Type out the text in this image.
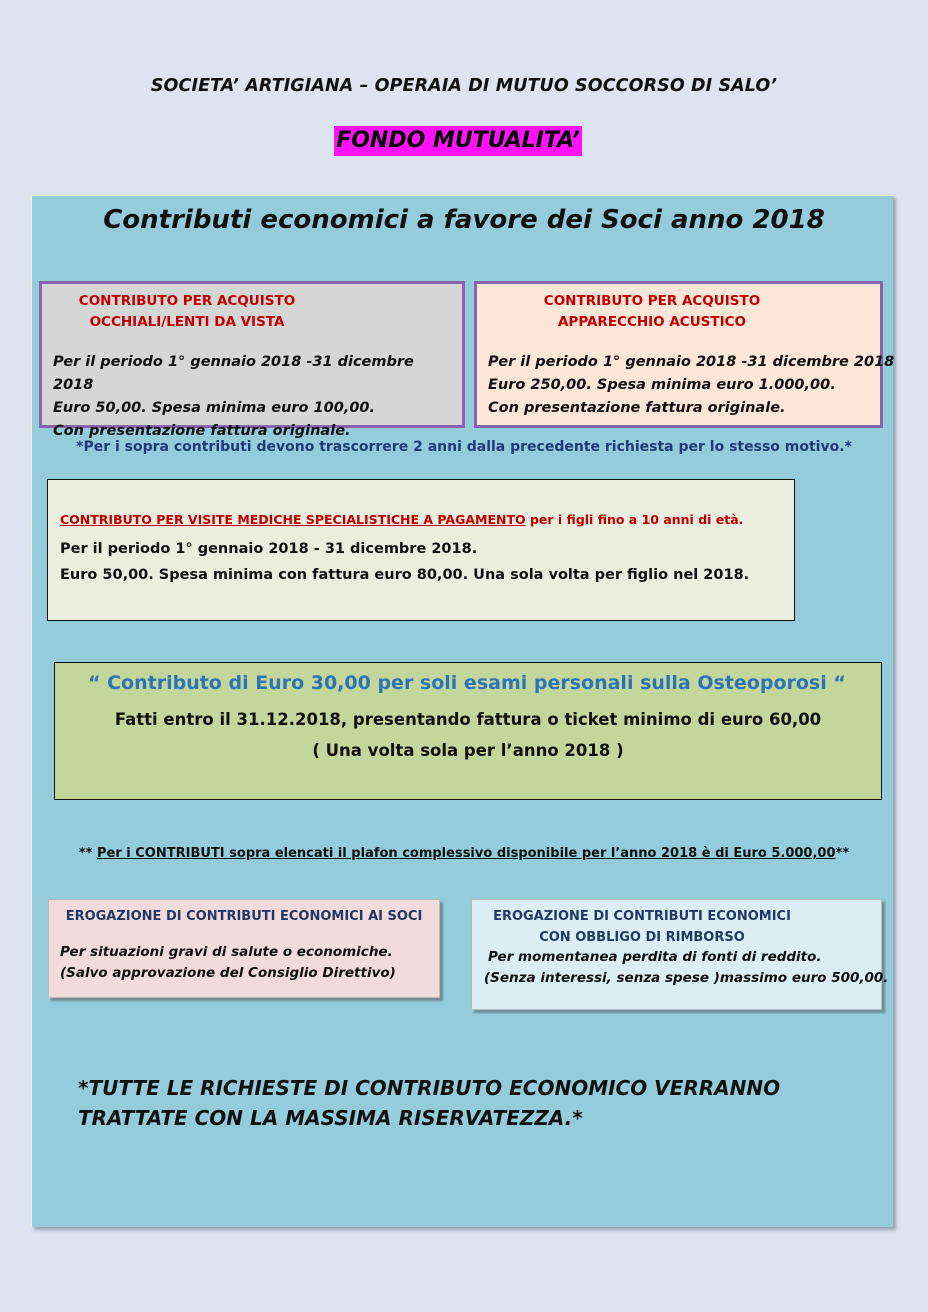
SOCIETA’ ARTIGIANA – OPERAIA DI MUTUO SOCCORSO DI SALO’
FONDO MUTUALITA’
Contributi economici a favore dei Soci anno 2018
CONTRIBUTO PER ACQUISTO
OCCHIALI/LENTI DA VISTA
Per il periodo 1° gennaio 2018 -31 dicembre 2018
Euro 50,00. Spesa minima euro 100,00.
Con presentazione fattura originale.
CONTRIBUTO PER ACQUISTO
APPARECCHIO ACUSTICO
Per il periodo 1° gennaio 2018 -31 dicembre 2018
Euro 250,00. Spesa minima euro 1.000,00.
Con presentazione fattura originale.
*Per i sopra contributi devono trascorrere 2 anni dalla precedente richiesta per lo stesso motivo.*
CONTRIBUTO PER VISITE MEDICHE SPECIALISTICHE A PAGAMENTO per i figli fino a 10 anni di età.
Per il periodo 1° gennaio 2018 - 31 dicembre 2018.
Euro 50,00. Spesa minima con fattura euro 80,00. Una sola volta per figlio nel 2018.
“ Contributo di Euro 30,00 per soli esami personali sulla Osteoporosi “
Fatti entro il 31.12.2018, presentando fattura o ticket minimo di euro 60,00
( Una volta sola per l’anno 2018 )
** Per i CONTRIBUTI sopra elencati il plafon complessivo disponibile per l’anno 2018 è di Euro 5.000,00**
EROGAZIONE DI CONTRIBUTI ECONOMICI AI SOCI
Per situazioni gravi di salute o economiche.
(Salvo approvazione del Consiglio Direttivo)
EROGAZIONE DI CONTRIBUTI ECONOMICI
CON OBBLIGO DI RIMBORSO
Per momentanea perdita di fonti di reddito.
(Senza interessi, senza spese )massimo euro 500,00.
*TUTTE LE RICHIESTE DI CONTRIBUTO ECONOMICO VERRANNO
TRATTATE CON LA MASSIMA RISERVATEZZA.*
